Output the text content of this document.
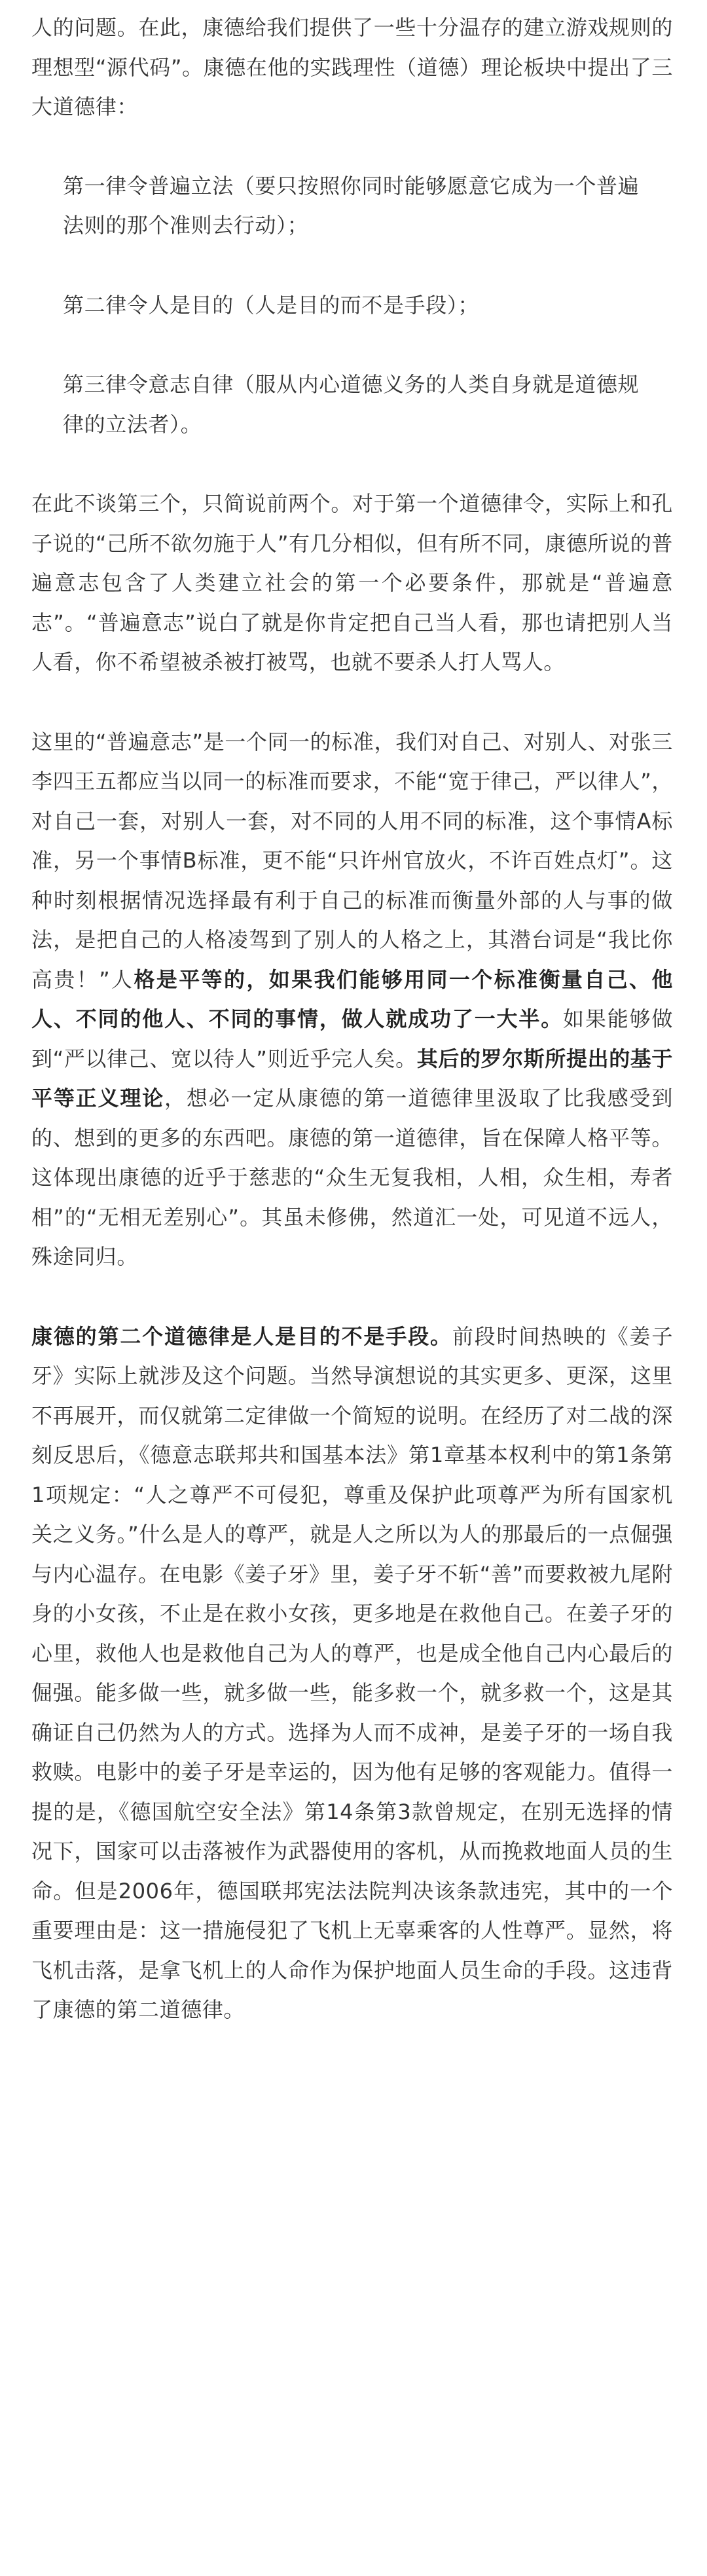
人的问题。在此，康德给我们提供了一些十分温存的建立游戏规则的理想型“源代码”。康德在他的实践理性（道德）理论板块中提出了三大道德律：

第一律令普遍立法（要只按照你同时能够愿意它成为一个普遍法则的那个准则去行动）；

第二律令人是目的（人是目的而不是手段）；

第三律令意志自律（服从内心道德义务的人类自身就是道德规律的立法者）。

在此不谈第三个，只简说前两个。对于第一个道德律令，实际上和孔子说的“己所不欲勿施于人”有几分相似，但有所不同，康德所说的普遍意志包含了人类建立社会的第一个必要条件，那就是“普遍意志”。“普遍意志”说白了就是你肯定把自己当人看，那也请把别人当人看，你不希望被杀被打被骂，也就不要杀人打人骂人。

这里的“普遍意志”是一个同一的标准，我们对自己、对别人、对张三李四王五都应当以同一的标准而要求，不能“宽于律己，严以律人”，对自己一套，对别人一套，对不同的人用不同的标准，这个事情A标准，另一个事情B标准，更不能“只许州官放火，不许百姓点灯”。这种时刻根据情况选择最有利于自己的标准而衡量外部的人与事的做法，是把自己的人格凌驾到了别人的人格之上，其潜台词是“我比你高贵！”人格是平等的，如果我们能够用同一个标准衡量自己、他人、不同的他人、不同的事情，做人就成功了一大半。如果能够做到“严以律己、宽以待人”则近乎完人矣。其后的罗尔斯所提出的基于平等正义理论，想必一定从康德的第一道德律里汲取了比我感受到的、想到的更多的东西吧。康德的第一道德律，旨在保障人格平等。这体现出康德的近乎于慈悲的“众生无复我相，人相，众生相，寿者相”的“无相无差别心”。其虽未修佛，然道汇一处，可见道不远人，殊途同归。

康德的第二个道德律是人是目的不是手段。前段时间热映的《姜子牙》实际上就涉及这个问题。当然导演想说的其实更多、更深，这里不再展开，而仅就第二定律做一个简短的说明。在经历了对二战的深刻反思后，《德意志联邦共和国基本法》第1章基本权利中的第1条第1项规定：“人之尊严不可侵犯，尊重及保护此项尊严为所有国家机关之义务。”什么是人的尊严，就是人之所以为人的那最后的一点倔强与内心温存。在电影《姜子牙》里，姜子牙不斩“善”而要救被九尾附身的小女孩，不止是在救小女孩，更多地是在救他自己。在姜子牙的心里，救他人也是救他自己为人的尊严，也是成全他自己内心最后的倔强。能多做一些，就多做一些，能多救一个，就多救一个，这是其确证自己仍然为人的方式。选择为人而不成神，是姜子牙的一场自我救赎。电影中的姜子牙是幸运的，因为他有足够的客观能力。值得一提的是，《德国航空安全法》第14条第3款曾规定，在别无选择的情况下，国家可以击落被作为武器使用的客机，从而挽救地面人员的生命。但是2006年，德国联邦宪法法院判决该条款违宪，其中的一个重要理由是：这一措施侵犯了飞机上无辜乘客的人性尊严。显然，将飞机击落，是拿飞机上的人命作为保护地面人员生命的手段。这违背了康德的第二道德律。
